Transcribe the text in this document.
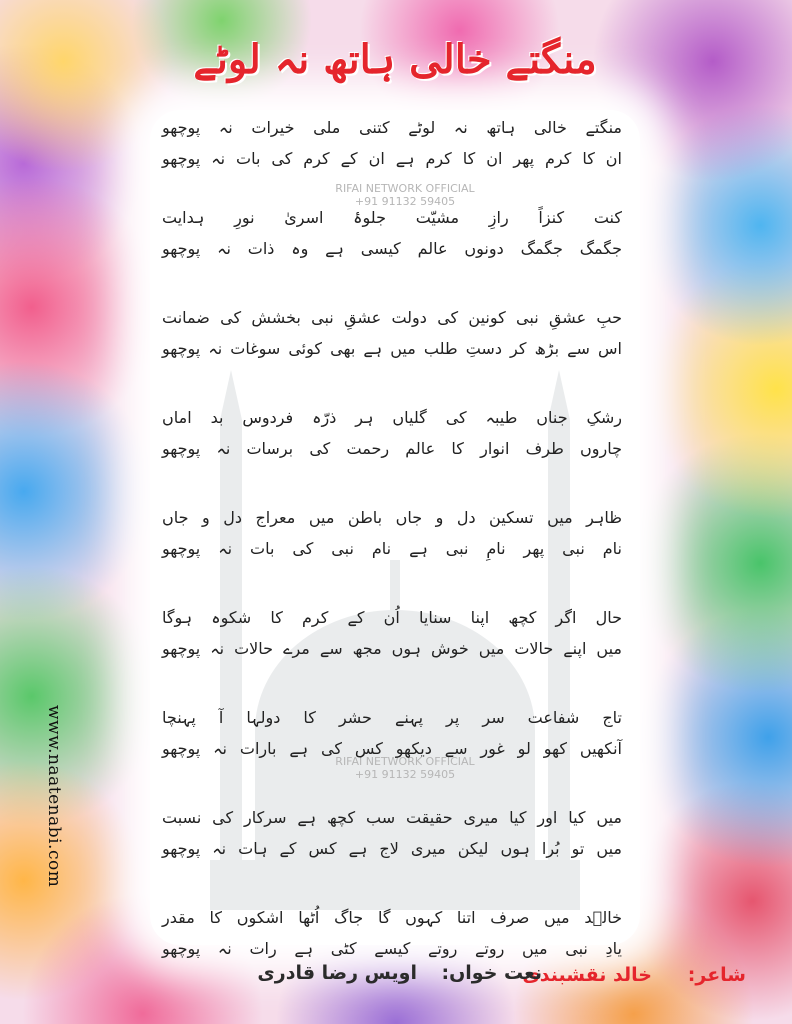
منگتے خالی ہاتھ نہ لوٹے
RIFAI NETWORK OFFICIAL
+91 91132 59405
RIFAI NETWORK OFFICIAL
+91 91132 59405
منگتے خالی ہاتھ نہ لوٹے کتنی ملی خیرات نہ پوچھو
ان کا کرم پھر ان کا کرم ہے ان کے کرم کی بات نہ پوچھو
کنت کنزاً رازِ مشیّت جلوۂ اسریٰ نورِ ہدایت
جگمگ جگمگ دونوں عالم کیسی ہے وہ ذات نہ پوچھو
حبِ عشقِ نبی کونین کی دولت عشقِ نبی بخشش کی ضمانت
اس سے بڑھ کر دستِ طلب میں ہے بھی کوئی سوغات نہ پوچھو
رشکِ جناں طیبہ کی گلیاں ہر ذرّہ فردوس بد اماں
چاروں طرف انوار کا عالم رحمت کی برسات نہ پوچھو
ظاہر میں تسکین دل و جاں باطن میں معراج دل و جاں
نام نبی پھر نامِ نبی ہے نام نبی کی بات نہ پوچھو
حال اگر کچھ اپنا سنایا اُن کے کرم کا شکوہ ہوگا
میں اپنے حالات میں خوش ہوں مجھ سے مرے حالات نہ پوچھو
تاج شفاعت سر پر پہنے حشر کا دولہا آ پہنچا
آنکھیں کھو لو غور سے دیکھو کس کی ہے بارات نہ پوچھو
میں کیا اور کیا میری حقیقت سب کچھ ہے سرکار کی نسبت
میں تو بُرا ہوں لیکن میری لاج ہے کس کے ہات نہ پوچھو
خالؔد میں صرف اتنا کہوں گا جاگ اُٹھا اشکوں کا مقدر
یادِ نبی میں روتے روتے کیسے کٹی ہے رات نہ پوچھو
www.naatenabi.com
شاعر:
خالد نقشبندی
نعت خواں:
اویس رضا قادری
